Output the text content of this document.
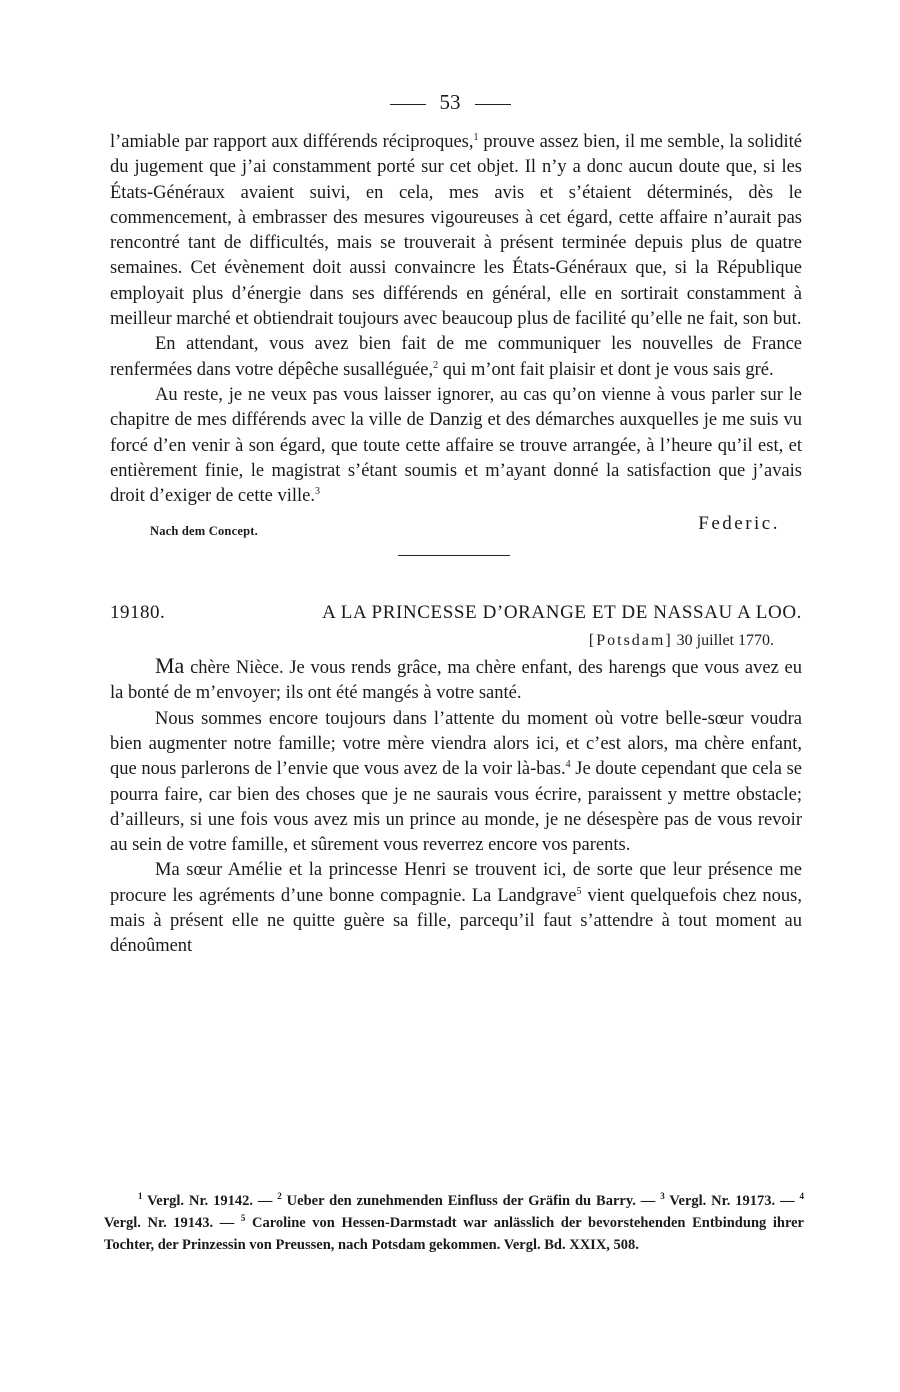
53

l’amiable par rapport aux différends réciproques,$^1$ prouve assez bien, il me semble, la solidité du jugement que j’ai constamment porté sur cet objet. Il n’y a donc aucun doute que, si les États-Généraux avaient suivi, en cela, mes avis et s’étaient déterminés, dès le commencement, à embrasser des mesures vigoureuses à cet égard, cette affaire n’aurait pas rencontré tant de difficultés, mais se trouverait à présent terminée depuis plus de quatre semaines. Cet évènement doit aussi convaincre les États-Généraux que, si la République employait plus d’énergie dans ses différends en général, elle en sortirait constamment à meilleur marché et obtiendrait toujours avec beaucoup plus de facilité qu’elle ne fait, son but.

En attendant, vous avez bien fait de me communiquer les nouvelles de France renfermées dans votre dépêche susalléguée,$^2$ qui m’ont fait plaisir et dont je vous sais gré.

Au reste, je ne veux pas vous laisser ignorer, au cas qu’on vienne à vous parler sur le chapitre de mes différends avec la ville de Danzig et des démarches auxquelles je me suis vu forcé d’en venir à son égard, que toute cette affaire se trouve arrangée, à l’heure qu’il est, et entièrement finie, le magistrat s’étant soumis et m’ayant donné la satisfaction que j’avais droit d’exiger de cette ville.$^3$

Nach dem Concept.	Federic.
19180.	A LA PRINCESSE D’ORANGE ET DE NASSAU A LOO.
[Potsdam] 30 juillet 1770.

Ma chère Nièce. Je vous rends grâce, ma chère enfant, des harengs que vous avez eu la bonté de m’envoyer; ils ont été mangés à votre santé.

Nous sommes encore toujours dans l’attente du moment où votre belle-sœur voudra bien augmenter notre famille; votre mère viendra alors ici, et c’est alors, ma chère enfant, que nous parlerons de l’envie que vous avez de la voir là-bas.$^4$ Je doute cependant que cela se pourra faire, car bien des choses que je ne saurais vous écrire, paraissent y mettre obstacle; d’ailleurs, si une fois vous avez mis un prince au monde, je ne désespère pas de vous revoir au sein de votre famille, et sûrement vous reverrez encore vos parents.

Ma sœur Amélie et la princesse Henri se trouvent ici, de sorte que leur présence me procure les agréments d’une bonne compagnie. La Landgrave$^5$ vient quelquefois chez nous, mais à présent elle ne quitte guère sa fille, parcequ’il faut s’attendre à tout moment au dénoûment

$^1$ Vergl. Nr. 19142. — $^2$ Ueber den zunehmenden Einfluss der Gräfin du Barry. — $^3$ Vergl. Nr. 19173. — $^4$ Vergl. Nr. 19143. — $^5$ Caroline von Hessen-Darmstadt war anlässlich der bevorstehenden Entbindung ihrer Tochter, der Prinzessin von Preussen, nach Potsdam gekommen. Vergl. Bd. XXIX, 508.
